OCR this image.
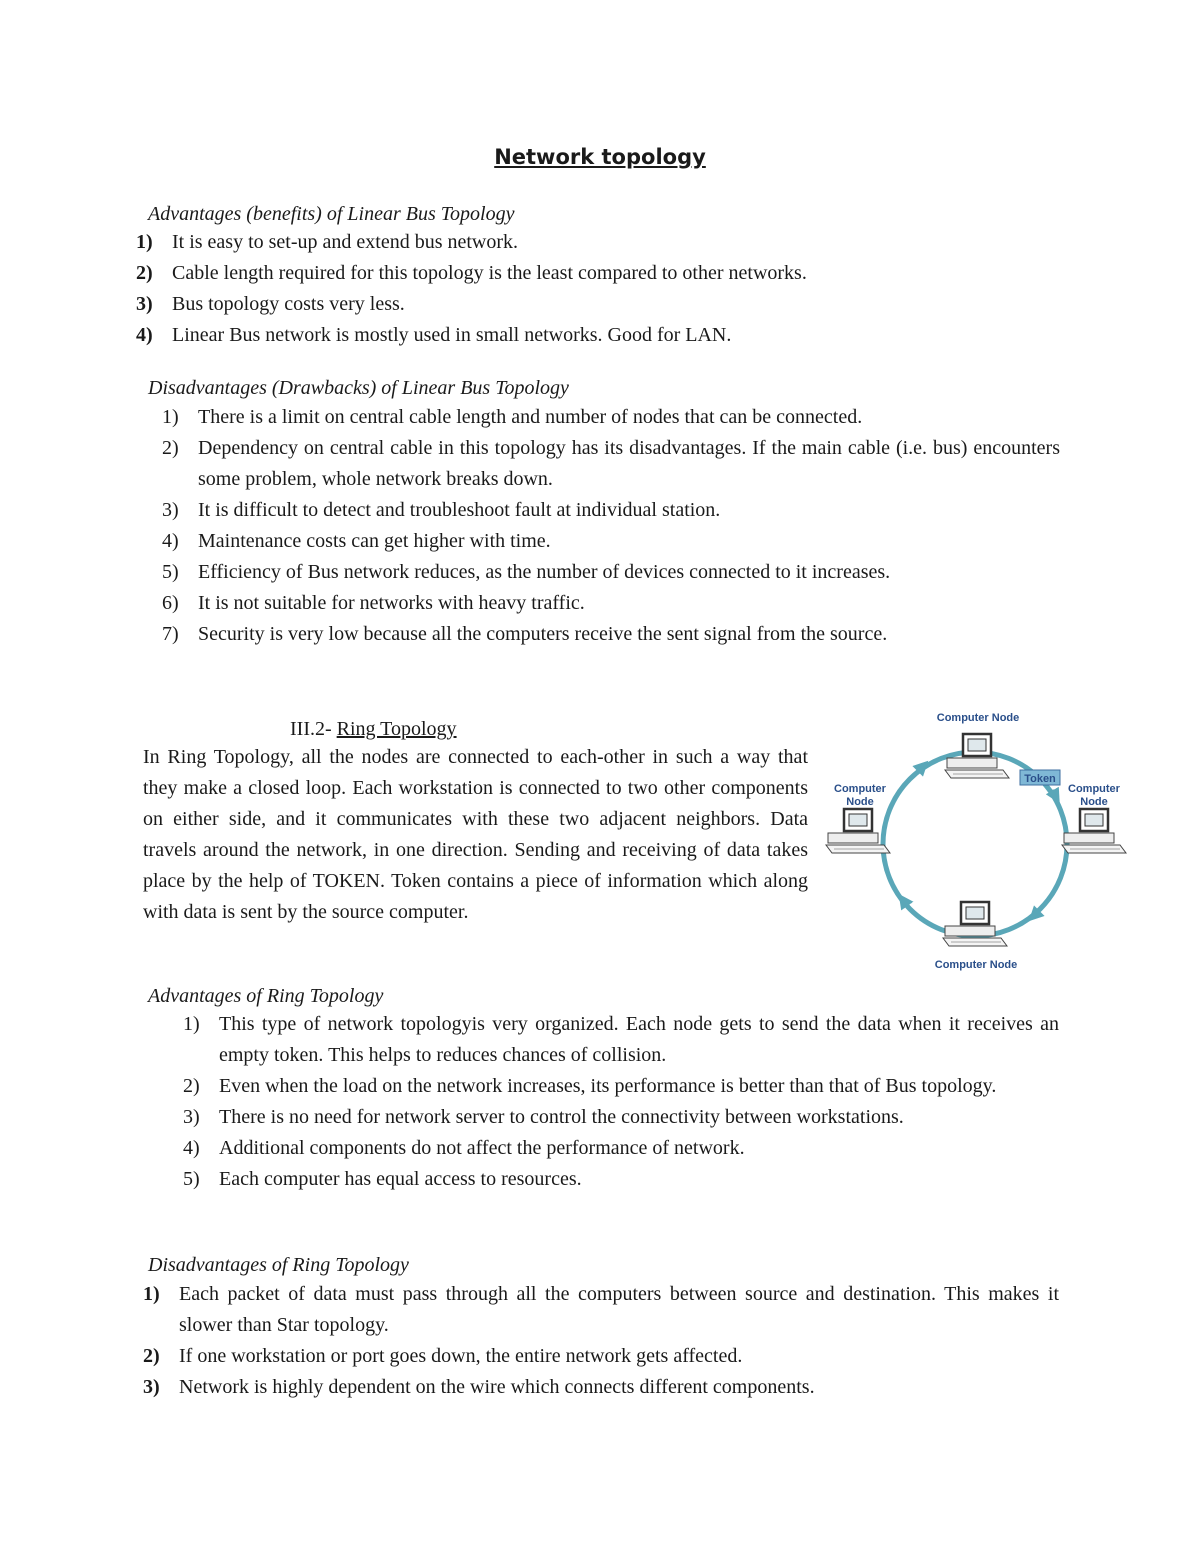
Network topology
Advantages (benefits) of Linear Bus Topology
1) It is easy to set-up and extend bus network.
2) Cable length required for this topology is the least compared to other networks.
3) Bus topology costs very less.
4) Linear Bus network is mostly used in small networks. Good for LAN.
Disadvantages (Drawbacks) of Linear Bus Topology
1) There is a limit on central cable length and number of nodes that can be connected.
2) Dependency on central cable in this topology has its disadvantages. If the main cable (i.e. bus) encounters some problem, whole network breaks down.
3) It is difficult to detect and troubleshoot fault at individual station.
4) Maintenance costs can get higher with time.
5) Efficiency of Bus network reduces, as the number of devices connected to it increases.
6) It is not suitable for networks with heavy traffic.
7) Security is very low because all the computers receive the sent signal from the source.
III.2- Ring Topology
In Ring Topology, all the nodes are connected to each-other in such a way that they make a closed loop. Each workstation is connected to two other components on either side, and it communicates with these two adjacent neighbors. Data travels around the network, in one direction. Sending and receiving of data takes place by the help of TOKEN. Token contains a piece of information which along with data is sent by the source computer.
Computer Node
Computer
Node
Computer
Node
Computer Node
Token
Advantages of Ring Topology
1) This type of network topologyis very organized. Each node gets to send the data when it receives an empty token. This helps to reduces chances of collision.
2) Even when the load on the network increases, its performance is better than that of Bus topology.
3) There is no need for network server to control the connectivity between workstations.
4) Additional components do not affect the performance of network.
5) Each computer has equal access to resources.
Disadvantages of Ring Topology
1) Each packet of data must pass through all the computers between source and destination. This makes it slower than Star topology.
2) If one workstation or port goes down, the entire network gets affected.
3) Network is highly dependent on the wire which connects different components.
